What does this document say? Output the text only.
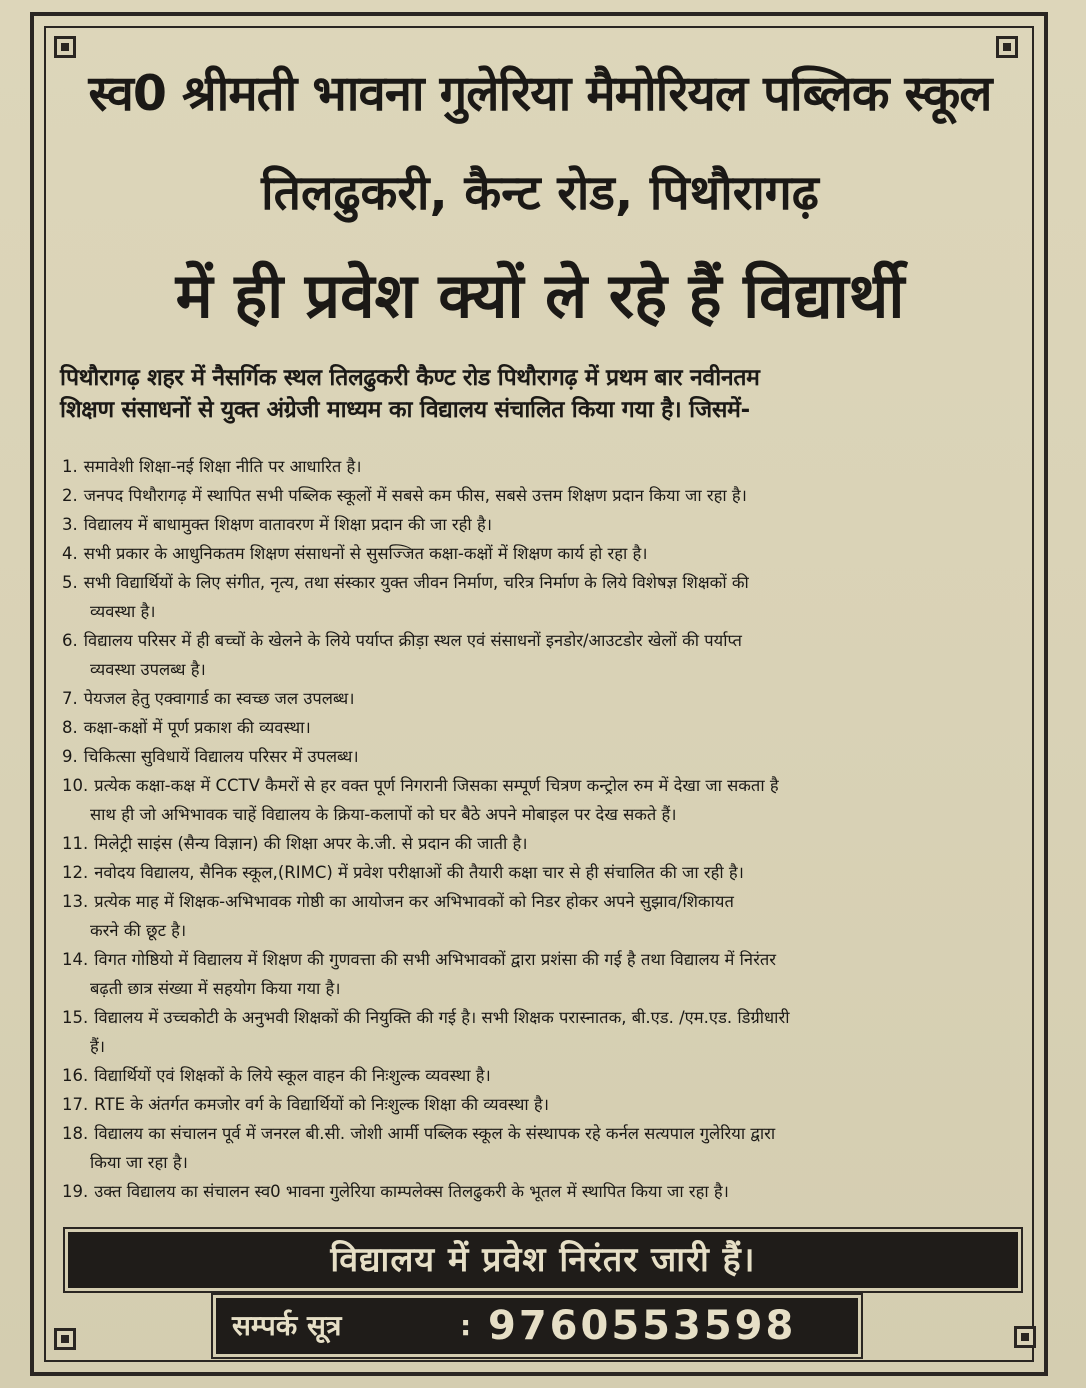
स्व0 श्रीमती भावना गुलेरिया मैमोरियल पब्लिक स्कूल
तिलढुकरी, कैन्ट रोड, पिथौरागढ़
में ही प्रवेश क्यों ले रहे हैं विद्यार्थी
पिथौरागढ़ शहर में नैसर्गिक स्थल तिलढुकरी कैण्ट रोड पिथौरागढ़ में प्रथम बार नवीनतम
शिक्षण संसाधनों से युक्त अंग्रेजी माध्यम का विद्यालय संचालित किया गया है। जिसमें-
1. समावेशी शिक्षा-नई शिक्षा नीति पर आधारित है।
2. जनपद पिथौरागढ़ में स्थापित सभी पब्लिक स्कूलों में सबसे कम फीस, सबसे उत्तम शिक्षण प्रदान किया जा रहा है।
3. विद्यालय में बाधामुक्त शिक्षण वातावरण में शिक्षा प्रदान की जा रही है।
4. सभी प्रकार के आधुनिकतम शिक्षण संसाधनों से सुसज्जित कक्षा-कक्षों में शिक्षण कार्य हो रहा है।
5. सभी विद्यार्थियों के लिए संगीत, नृत्य, तथा संस्कार युक्त जीवन निर्माण, चरित्र निर्माण के लिये विशेषज्ञ शिक्षकों की
व्यवस्था है।
6. विद्यालय परिसर में ही बच्चों के खेलने के लिये पर्याप्त क्रीड़ा स्थल एवं संसाधनों इनडोर/आउटडोर खेलों की पर्याप्त
व्यवस्था उपलब्ध है।
7. पेयजल हेतु एक्वागार्ड का स्वच्छ जल उपलब्ध।
8. कक्षा-कक्षों में पूर्ण प्रकाश की व्यवस्था।
9. चिकित्सा सुविधायें विद्यालय परिसर में उपलब्ध।
10. प्रत्येक कक्षा-कक्ष में CCTV कैमरों से हर वक्त पूर्ण निगरानी जिसका सम्पूर्ण चित्रण कन्ट्रोल रुम में देखा जा सकता है
साथ ही जो अभिभावक चाहें विद्यालय के क्रिया-कलापों को घर बैठे अपने मोबाइल पर देख सकते हैं।
11. मिलेट्री साइंस (सैन्य विज्ञान) की शिक्षा अपर के.जी. से प्रदान की जाती है।
12. नवोदय विद्यालय, सैनिक स्कूल,(RIMC) में प्रवेश परीक्षाओं की तैयारी कक्षा चार से ही संचालित की जा रही है।
13. प्रत्येक माह में शिक्षक-अभिभावक गोष्ठी का आयोजन कर अभिभावकों को निडर होकर अपने सुझाव/शिकायत
करने की छूट है।
14. विगत गोष्ठियो में विद्यालय में शिक्षण की गुणवत्ता की सभी अभिभावकों द्वारा प्रशंसा की गई है तथा विद्यालय में निरंतर
बढ़ती छात्र संख्या में सहयोग किया गया है।
15. विद्यालय में उच्चकोटी के अनुभवी शिक्षकों की नियुक्ति की गई है। सभी शिक्षक परास्नातक, बी.एड. /एम.एड. डिग्रीधारी
हैं।
16. विद्यार्थियों एवं शिक्षकों के लिये स्कूल वाहन की निःशुल्क व्यवस्था है।
17. RTE के अंतर्गत कमजोर वर्ग के विद्यार्थियों को निःशुल्क शिक्षा की व्यवस्था है।
18. विद्यालय का संचालन पूर्व में जनरल बी.सी. जोशी आर्मी पब्लिक स्कूल के संस्थापक रहे कर्नल सत्यपाल गुलेरिया द्वारा
किया जा रहा है।
19. उक्त विद्यालय का संचालन स्व0 भावना गुलेरिया काम्पलेक्स तिलढुकरी के भूतल में स्थापित किया जा रहा है।
विद्यालय में प्रवेश निरंतर जारी हैं।
सम्पर्क सूत्र	: 9760553598
